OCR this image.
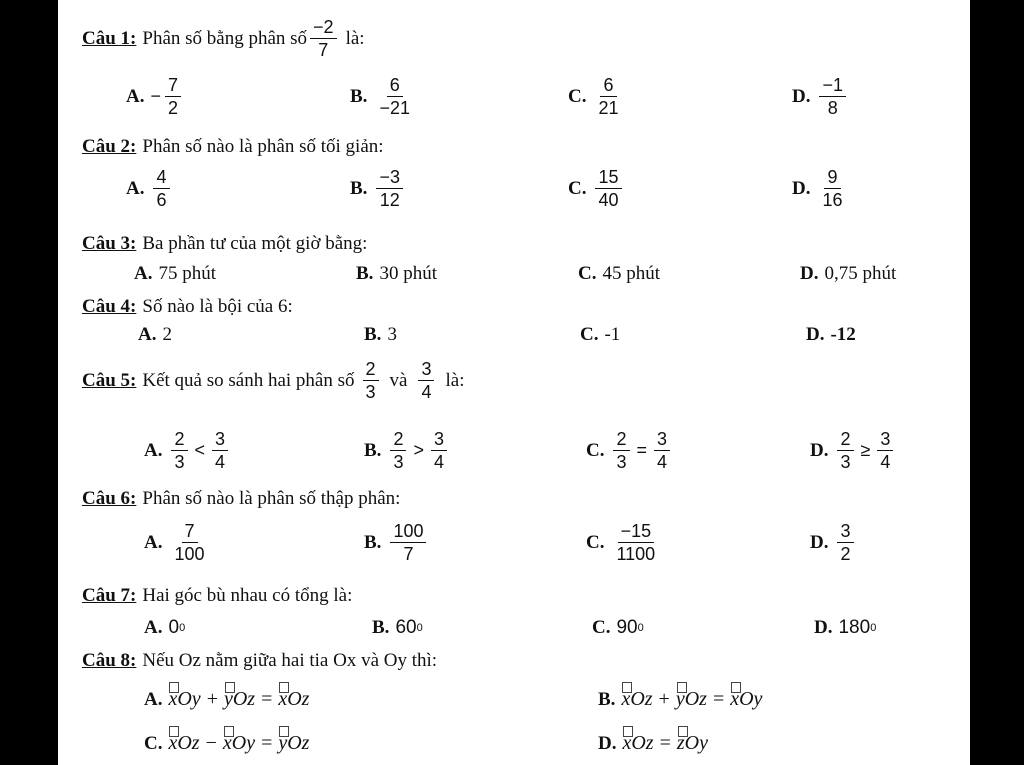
Câu 1: Phân số bằng phân số $\frac{-2}{7}$ là:
A. − $\frac{7}{2}$	B. $\frac{6}{-21}$	C. $\frac{6}{21}$	D. $\frac{-1}{8}$
Câu 2: Phân số nào là phân số tối giản:
A. $\frac{4}{6}$	B. $\frac{-3}{12}$	C. $\frac{15}{40}$	D. $\frac{9}{16}$
Câu 3: Ba phần tư của một giờ bằng:
A. 75 phút	B. 30 phút	C. 45 phút	D. 0,75 phút
Câu 4: Số nào là bội của 6:
A. 2	B. 3	C. -1	D. -12
Câu 5: Kết quả so sánh hai phân số $\frac{2}{3}$ và $\frac{3}{4}$ là:
A. $\frac{2}{3} < \frac{3}{4}$	B. $\frac{2}{3} > \frac{3}{4}$	C. $\frac{2}{3} = \frac{3}{4}$	D. $\frac{2}{3} \ge \frac{3}{4}$
Câu 6: Phân số nào là phân số thập phân:
A. $\frac{7}{100}$	B. $\frac{100}{7}$	C. $\frac{-15}{1100}$	D. $\frac{3}{2}$
Câu 7: Hai góc bù nhau có tổng là:
A. 0 0	B. 60 0	C. 90 0	D. 180 0
Câu 8: Nếu Oz nằm giữa hai tia Ox và Oy thì:
A. xOy + yOz = xOz	B. xOz + yOz = xOy
C. xOz − xOy = yOz	D. xOz = zOy
